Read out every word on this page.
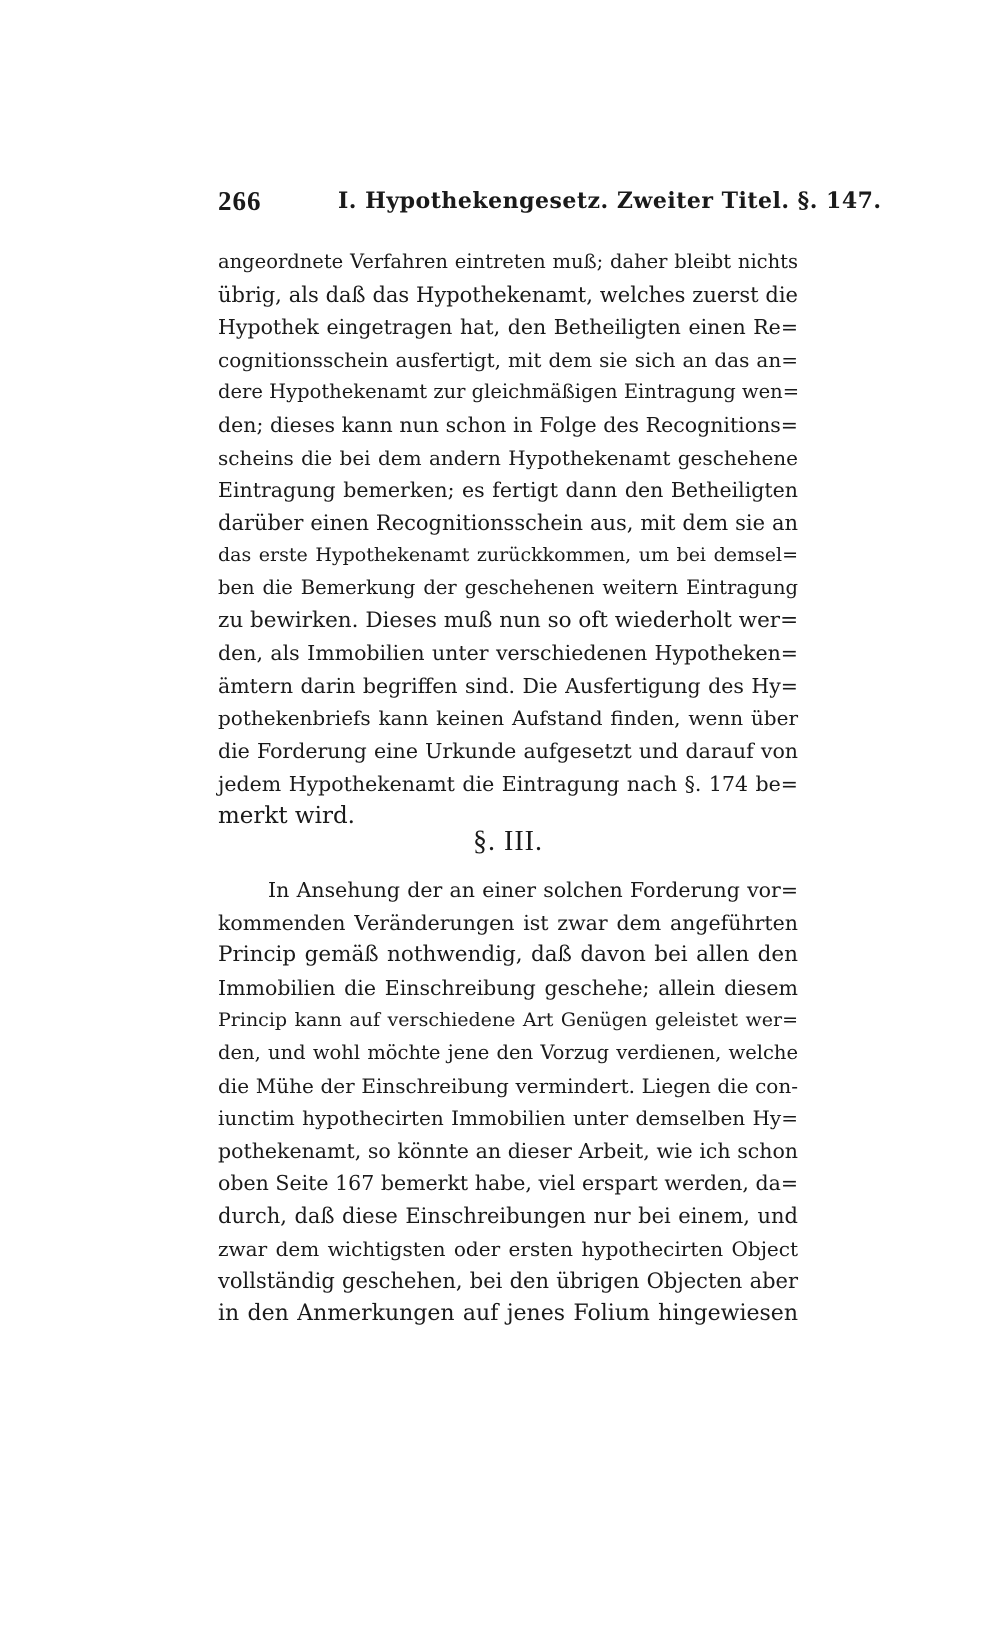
266	I. Hypothekengesetz. Zweiter Titel. §. 147.
angeordnete Verfahren eintreten muß; daher bleibt nichts
übrig, als daß das Hypothekenamt, welches zuerst die
Hypothek eingetragen hat, den Betheiligten einen Re=
cognitionsschein ausfertigt, mit dem sie sich an das an=
dere Hypothekenamt zur gleichmäßigen Eintragung wen=
den; dieses kann nun schon in Folge des Recognitions=
scheins die bei dem andern Hypothekenamt geschehene
Eintragung bemerken; es fertigt dann den Betheiligten
darüber einen Recognitionsschein aus, mit dem sie an
das erste Hypothekenamt zurückkommen, um bei demsel=
ben die Bemerkung der geschehenen weitern Eintragung
zu bewirken. Dieses muß nun so oft wiederholt wer=
den, als Immobilien unter verschiedenen Hypotheken=
ämtern darin begriffen sind. Die Ausfertigung des Hy=
pothekenbriefs kann keinen Aufstand finden, wenn über
die Forderung eine Urkunde aufgesetzt und darauf von
jedem Hypothekenamt die Eintragung nach §. 174 be=
merkt wird.
§. III.
In Ansehung der an einer solchen Forderung vor=
kommenden Veränderungen ist zwar dem angeführten
Princip gemäß nothwendig, daß davon bei allen den
Immobilien die Einschreibung geschehe; allein diesem
Princip kann auf verschiedene Art Genügen geleistet wer=
den, und wohl möchte jene den Vorzug verdienen, welche
die Mühe der Einschreibung vermindert. Liegen die con-
iunctim hypothecirten Immobilien unter demselben Hy=
pothekenamt, so könnte an dieser Arbeit, wie ich schon
oben Seite 167 bemerkt habe, viel erspart werden, da=
durch, daß diese Einschreibungen nur bei einem, und
zwar dem wichtigsten oder ersten hypothecirten Object
vollständig geschehen, bei den übrigen Objecten aber
in den Anmerkungen auf jenes Folium hingewiesen
